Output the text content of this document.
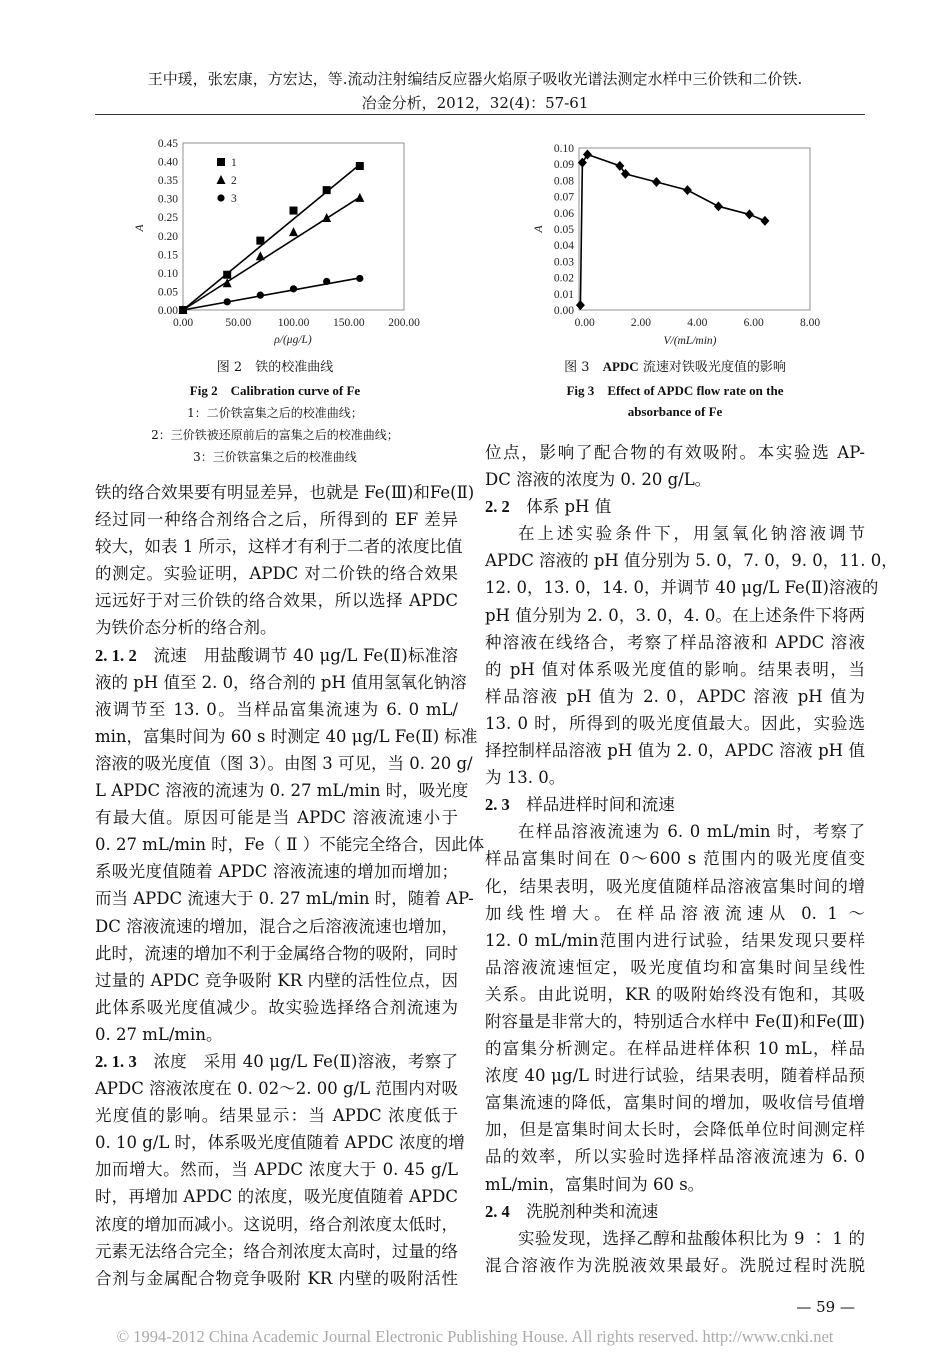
王中瑗，张宏康，方宏达，等.流动注射编结反应器火焰原子吸收光谱法测定水样中三价铁和二价铁.
冶金分析，2012，32(4)：57-61
0.00
0.05
0.10
0.15
0.20
0.25
0.30
0.35
0.40
0.45
0.00	50.00 100.00 150.00 200.00
ρ/(μg/L)
A
1
2
3
0.00
0.01
0.02
0.03
0.04
0.05
0.06
0.07
0.08
0.09
0.10
0.00	2.00	4.00	6.00	8.00
V/(mL/min)
A
图 2　 铁的校准曲线
Fig 2　 Calibration curve of Fe
1：二价铁富集之后的校准曲线；
2：三价铁被还原前后的富集之后的校准曲线；
3：三价铁富集之后的校准曲线
图 3　 APDC 流速对铁吸光度值的影响
Fig 3　 Effect of APDC flow rate on the
absorbance of Fe
铁的络合效果要有明显差异，也就是 Fe(Ⅲ)和Fe(Ⅱ)
经过同一种络合剂络合之后，所得到的 EF 差异
较大，如表 1 所示，这样才有利于二者的浓度比值
的测定。实验证明，APDC 对二价铁的络合效果
远远好于对三价铁的络合效果，所以选择 APDC
为铁价态分析的络合剂。
2. 1. 2 流速　用盐酸调节 40 μg/L Fe(Ⅱ)标准溶
液的 pH 值至 2. 0，络合剂的 pH 值用氢氧化钠溶
液调节至 13. 0。当样品富集流速为 6. 0 mL/
min，富集时间为 60 s 时测定 40 μg/L Fe(Ⅱ) 标准
溶液的吸光度值（图 3）。由图 3 可见，当 0. 20 g/
L APDC 溶液的流速为 0. 27 mL/min 时，吸光度
有最大值。原因可能是当 APDC 溶液流速小于
0. 27 mL/min 时，Fe（ Ⅱ ）不能完全络合，因此体
系吸光度值随着 APDC 溶液流速的增加而增加；
而当 APDC 流速大于 0. 27 mL/min 时，随着 AP-
DC 溶液流速的增加，混合之后溶液流速也增加，
此时，流速的增加不利于金属络合物的吸附，同时
过量的 APDC 竞争吸附 KR 内壁的活性位点，因
此体系吸光度值减少。故实验选择络合剂流速为
0. 27 mL/min。
2. 1. 3 浓度　采用 40 μg/L Fe(Ⅱ)溶液，考察了
APDC 溶液浓度在 0. 02～2. 00 g/L 范围内对吸
光度值的影响。结果显示：当 APDC 浓度低于
0. 10 g/L 时，体系吸光度值随着 APDC 浓度的增
加而增大。然而，当 APDC 浓度大于 0. 45 g/L
时，再增加 APDC 的浓度，吸光度值随着 APDC
浓度的增加而减小。这说明，络合剂浓度太低时，
元素无法络合完全；络合剂浓度太高时，过量的络
合剂与金属配合物竞争吸附 KR 内壁的吸附活性
位点，影响了配合物的有效吸附。本实验选 AP-
DC 溶液的浓度为 0. 20 g/L。
2. 2 体系 pH 值
在上述实验条件下，用氢氧化钠溶液调节
APDC 溶液的 pH 值分别为 5. 0，7. 0，9. 0，11. 0，
12. 0，13. 0，14. 0，并调节 40 μg/L Fe(Ⅱ)溶液的
pH 值分别为 2. 0，3. 0，4. 0。在上述条件下将两
种溶液在线络合，考察了样品溶液和 APDC 溶液
的 pH 值对体系吸光度值的影响。结果表明，当
样品溶液 pH 值为 2. 0，APDC 溶液 pH 值为
13. 0 时，所得到的吸光度值最大。因此，实验选
择控制样品溶液 pH 值为 2. 0，APDC 溶液 pH 值
为 13. 0。
2. 3 样品进样时间和流速
在样品溶液流速为 6. 0 mL/min 时，考察了
样品富集时间在 0～600 s 范围内的吸光度值变
化，结果表明，吸光度值随样品溶液富集时间的增
加线性增大。在样品溶液流速从 0. 1 ～
12. 0 mL/min范围内进行试验，结果发现只要样
品溶液流速恒定，吸光度值均和富集时间呈线性
关系。由此说明，KR 的吸附始终没有饱和，其吸
附容量是非常大的，特别适合水样中 Fe(Ⅱ)和Fe(Ⅲ)
的富集分析测定。在样品进样体积 10 mL，样品
浓度 40 μg/L 时进行试验，结果表明，随着样品预
富集流速的降低，富集时间的增加，吸收信号值增
加，但是富集时间太长时，会降低单位时间测定样
品的效率，所以实验时选择样品溶液流速为 6. 0
mL/min，富集时间为 60 s。
2. 4 洗脱剂种类和流速
实验发现，选择乙醇和盐酸体积比为 9 ∶ 1 的
混合溶液作为洗脱液效果最好。洗脱过程时洗脱
— 59 —
© 1994-2012 China Academic Journal Electronic Publishing House. All rights reserved. http://www.cnki.net
